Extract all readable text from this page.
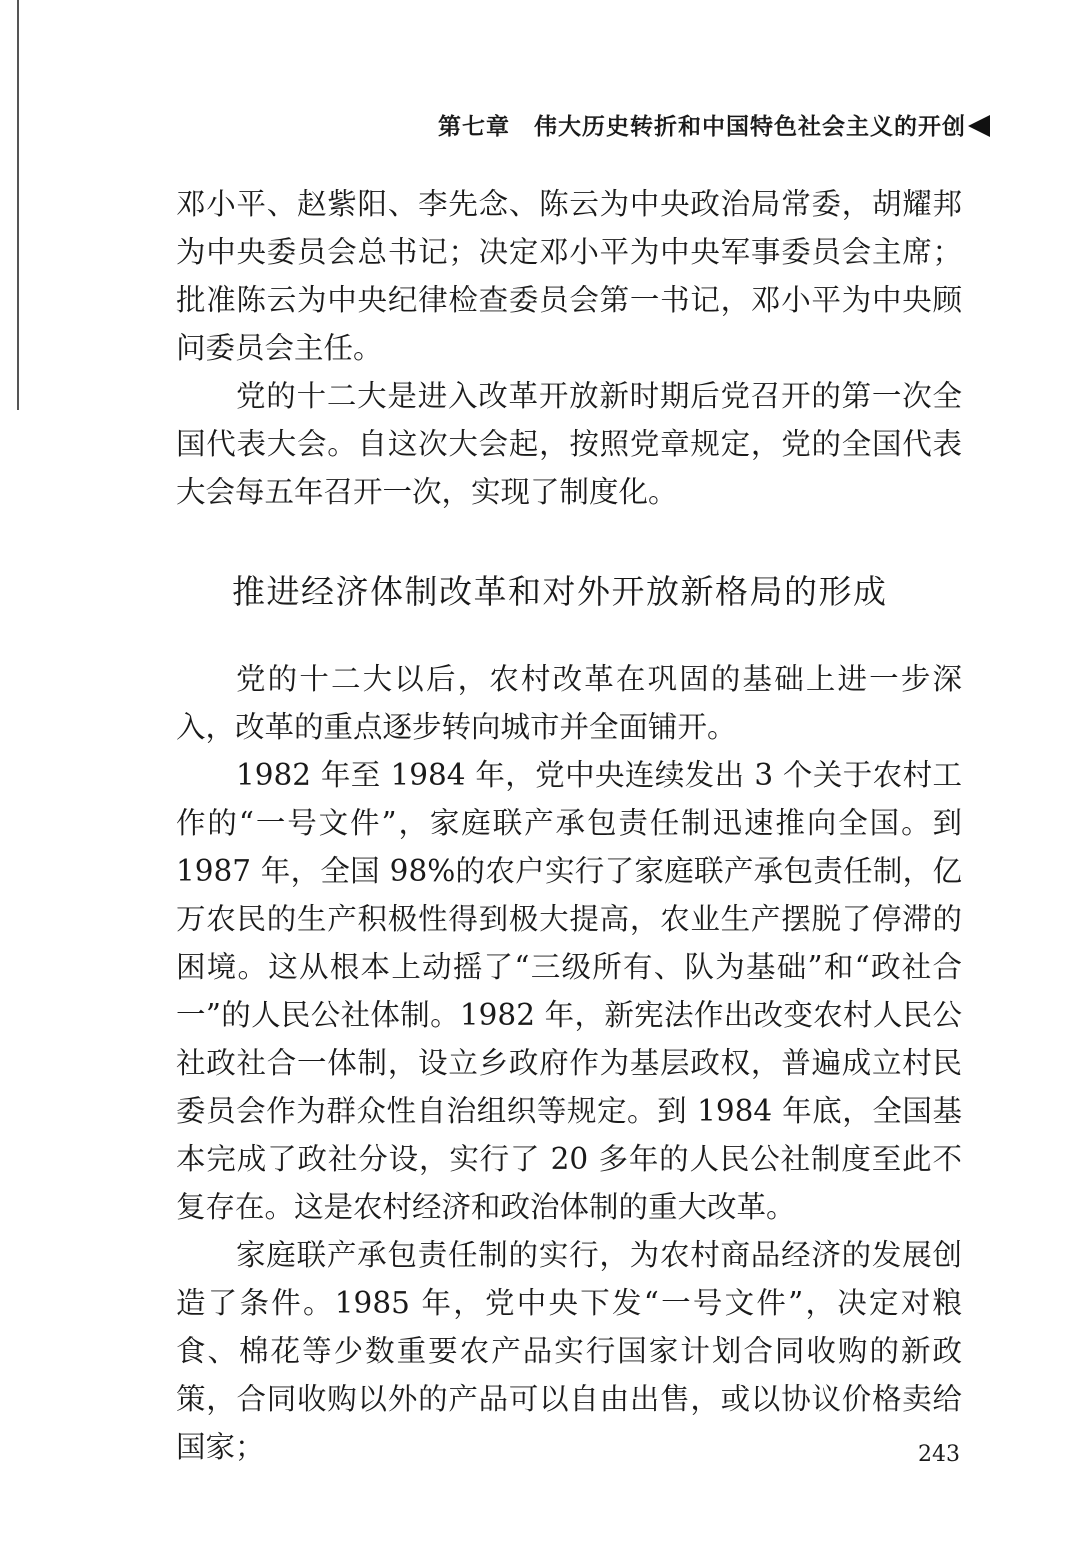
第七章 伟大历史转折和中国特色社会主义的开创

邓小平、赵紫阳、李先念、陈云为中央政治局常委，胡耀邦为中央委员会总书记；决定邓小平为中央军事委员会主席；批准陈云为中央纪律检查委员会第一书记，邓小平为中央顾问委员会主任。

党的十二大是进入改革开放新时期后党召开的第一次全国代表大会。自这次大会起，按照党章规定，党的全国代表大会每五年召开一次，实现了制度化。

推进经济体制改革和对外开放新格局的形成

党的十二大以后，农村改革在巩固的基础上进一步深入，改革的重点逐步转向城市并全面铺开。

1982 年至 1984 年，党中央连续发出 3 个关于农村工作的“一号文件”，家庭联产承包责任制迅速推向全国。到 1987 年，全国 98%的农户实行了家庭联产承包责任制，亿万农民的生产积极性得到极大提高，农业生产摆脱了停滞的困境。这从根本上动摇了“三级所有、队为基础”和“政社合一”的人民公社体制。1982 年，新宪法作出改变农村人民公社政社合一体制，设立乡政府作为基层政权，普遍成立村民委员会作为群众性自治组织等规定。到 1984 年底，全国基本完成了政社分设，实行了 20 多年的人民公社制度至此不复存在。这是农村经济和政治体制的重大改革。

家庭联产承包责任制的实行，为农村商品经济的发展创造了条件。1985 年，党中央下发“一号文件”，决定对粮食、棉花等少数重要农产品实行国家计划合同收购的新政策，合同收购以外的产品可以自由出售，或以协议价格卖给国家；	243
